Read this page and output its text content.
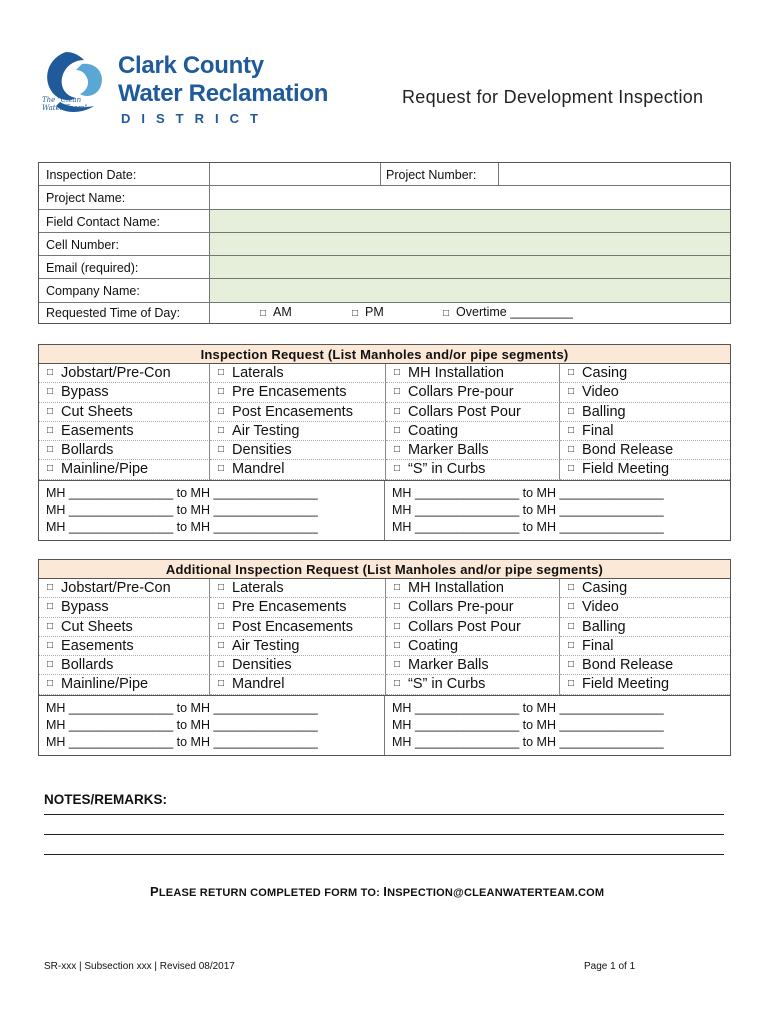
The "Clean Water Team"
Clark County
Water Reclamation
DISTRICT
Request for Development Inspection
Inspection Date:	Project Number:
Project Name:
Field Contact Name:
Cell Number:
Email (required):
Company Name:
Requested Time of Day:	□ AM	□ PM	□ Overtime _________
Inspection Request (List Manholes and/or pipe segments)
□ Jobstart/Pre-Con	□ Laterals	□ MH Installation	□ Casing
□ Bypass	□ Pre Encasements	□ Collars Pre-pour	□ Video
□ Cut Sheets	□ Post Encasements	□ Collars Post Pour	□ Balling
□ Easements	□ Air Testing	□ Coating	□ Final
□ Bollards	□ Densities	□ Marker Balls	□ Bond Release
□ Mainline/Pipe	□ Mandrel	□ “S” in Curbs	□ Field Meeting
MH _______________ to MH _______________
MH _______________ to MH _______________
MH _______________ to MH _______________
MH _______________ to MH _______________
MH _______________ to MH _______________
MH _______________ to MH _______________
Additional Inspection Request (List Manholes and/or pipe segments)
□ Jobstart/Pre-Con	□ Laterals	□ MH Installation	□ Casing
□ Bypass	□ Pre Encasements	□ Collars Pre-pour	□ Video
□ Cut Sheets	□ Post Encasements	□ Collars Post Pour	□ Balling
□ Easements	□ Air Testing	□ Coating	□ Final
□ Bollards	□ Densities	□ Marker Balls	□ Bond Release
□ Mainline/Pipe	□ Mandrel	□ “S” in Curbs	□ Field Meeting
MH _______________ to MH _______________
MH _______________ to MH _______________
MH _______________ to MH _______________
MH _______________ to MH _______________
MH _______________ to MH _______________
MH _______________ to MH _______________
NOTES/REMARKS:
PLEASE RETURN COMPLETED FORM TO: INSPECTION@CLEANWATERTEAM.COM
SR-xxx | Subsection xxx | Revised 08/2017	Page 1 of 1
